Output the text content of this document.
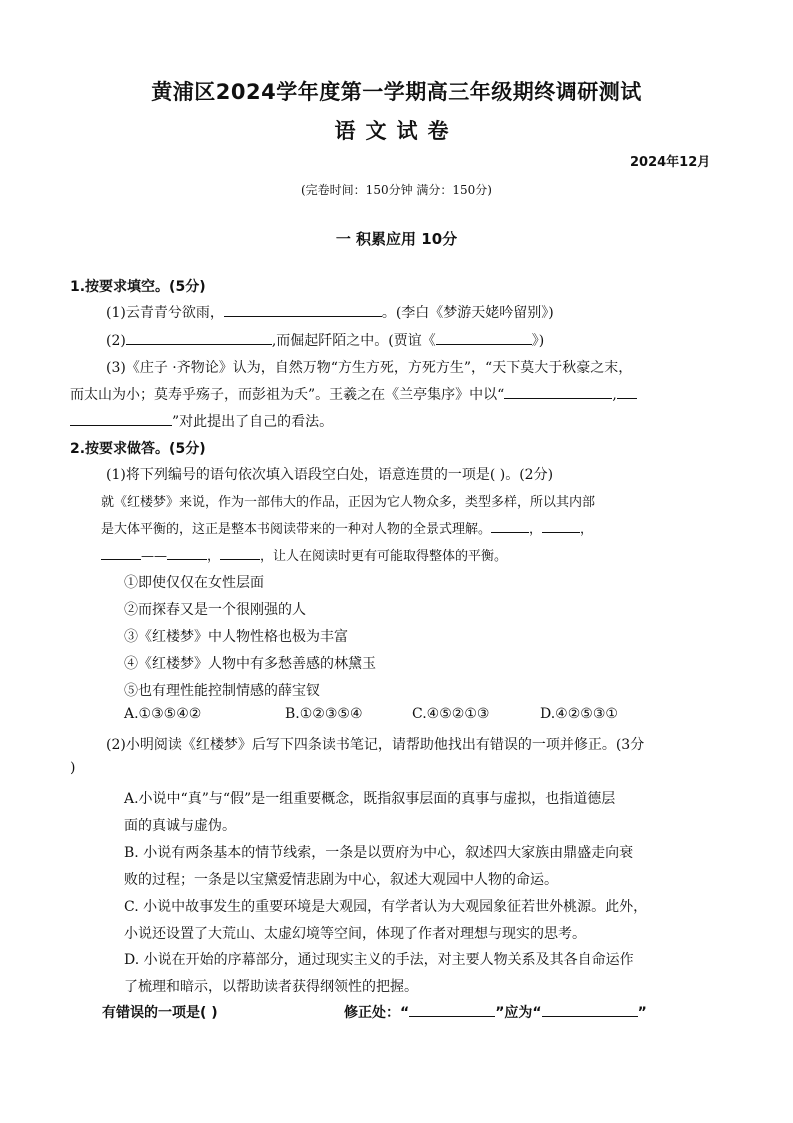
黄浦区2024学年度第一学期高三年级期终调研测试
语文试卷
2024年12月
(完卷时间：150分钟 满分：150分)
一 积累应用 10分
1.按要求填空。(5分)
(1)云青青兮欲雨，	。(李白《梦游天姥吟留别》)
(2)	,而倔起阡陌之中。(贾谊《	》)
(3)《庄子 ·齐物论》认为，自然万物“方生方死，方死方生”，“天下莫大于秋豪之末，
而太山为小；莫寿乎殇子，而彭祖为夭”。王羲之在《兰亭集序》中以“	,
”对此提出了自己的看法。
2.按要求做答。(5分)
(1)将下列编号的语句依次填入语段空白处，语意连贯的一项是( )。(2分)
就《红楼梦》来说，作为一部伟大的作品，正因为它人物众多，类型多样，所以其内部
是大体平衡的，这正是整本书阅读带来的一种对人物的全景式理解。	，	，
——	，	，让人在阅读时更有可能取得整体的平衡。
①即使仅仅在女性层面
②而探春又是一个很刚强的人
③《红楼梦》中人物性格也极为丰富
④《红楼梦》人物中有多愁善感的林黛玉
⑤也有理性能控制情感的薛宝钗
A.①③⑤④②	B.①②③⑤④	C.④⑤②①③	D.④②⑤③①
(2)小明阅读《红楼梦》后写下四条读书笔记，请帮助他找出有错误的一项并修正。(3分
)
A.小说中“真”与“假”是一组重要概念，既指叙事层面的真事与虚拟，也指道德层
面的真诚与虚伪。
B. 小说有两条基本的情节线索，一条是以贾府为中心，叙述四大家族由鼎盛走向衰
败的过程；一条是以宝黛爱情悲剧为中心，叙述大观园中人物的命运。
C. 小说中故事发生的重要环境是大观园，有学者认为大观园象征若世外桃源。此外，
小说还设置了大荒山、太虚幻境等空间，体现了作者对理想与现实的思考。
D. 小说在开始的序幕部分，通过现实主义的手法，对主要人物关系及其各自命运作
了梳理和暗示，以帮助读者获得纲领性的把握。
有错误的一项是( )	修正处：“	”应为“	”
